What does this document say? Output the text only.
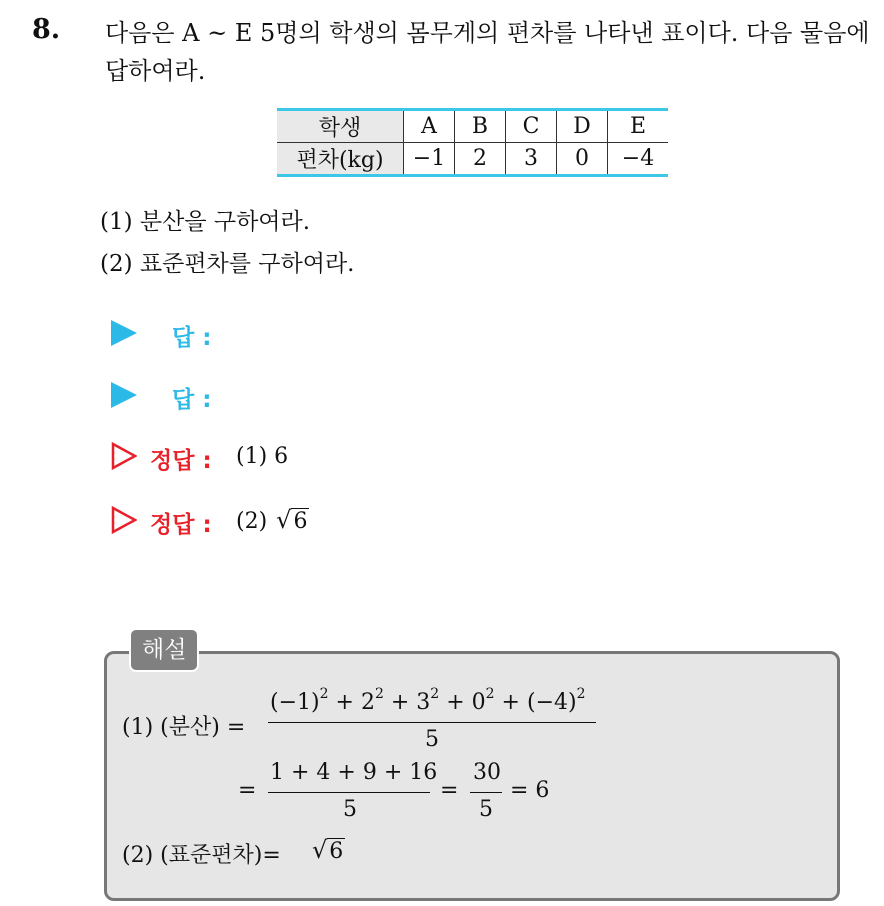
8. 다음은 A ~ E 5명의 학생의 몸무게의 편차를 나타낸 표이다. 다음 물음에 답하여라.
학생	A	B	C	D	E
편차(kg)	−1	2	3	0	−4
(1) 분산을 구하여라.
(2) 표준편차를 구하여라.
답 :
답 :
정답 : (1) 6
정답 : (2) √6
해설
(1) (분산) =
$(-1)^2 + 2^2 + 3^2 + 0^2 + (-4)^2$
5
=
1 + 4 + 9 + 16
5
=
30
5
= 6
(2) (표준편차)= √6
